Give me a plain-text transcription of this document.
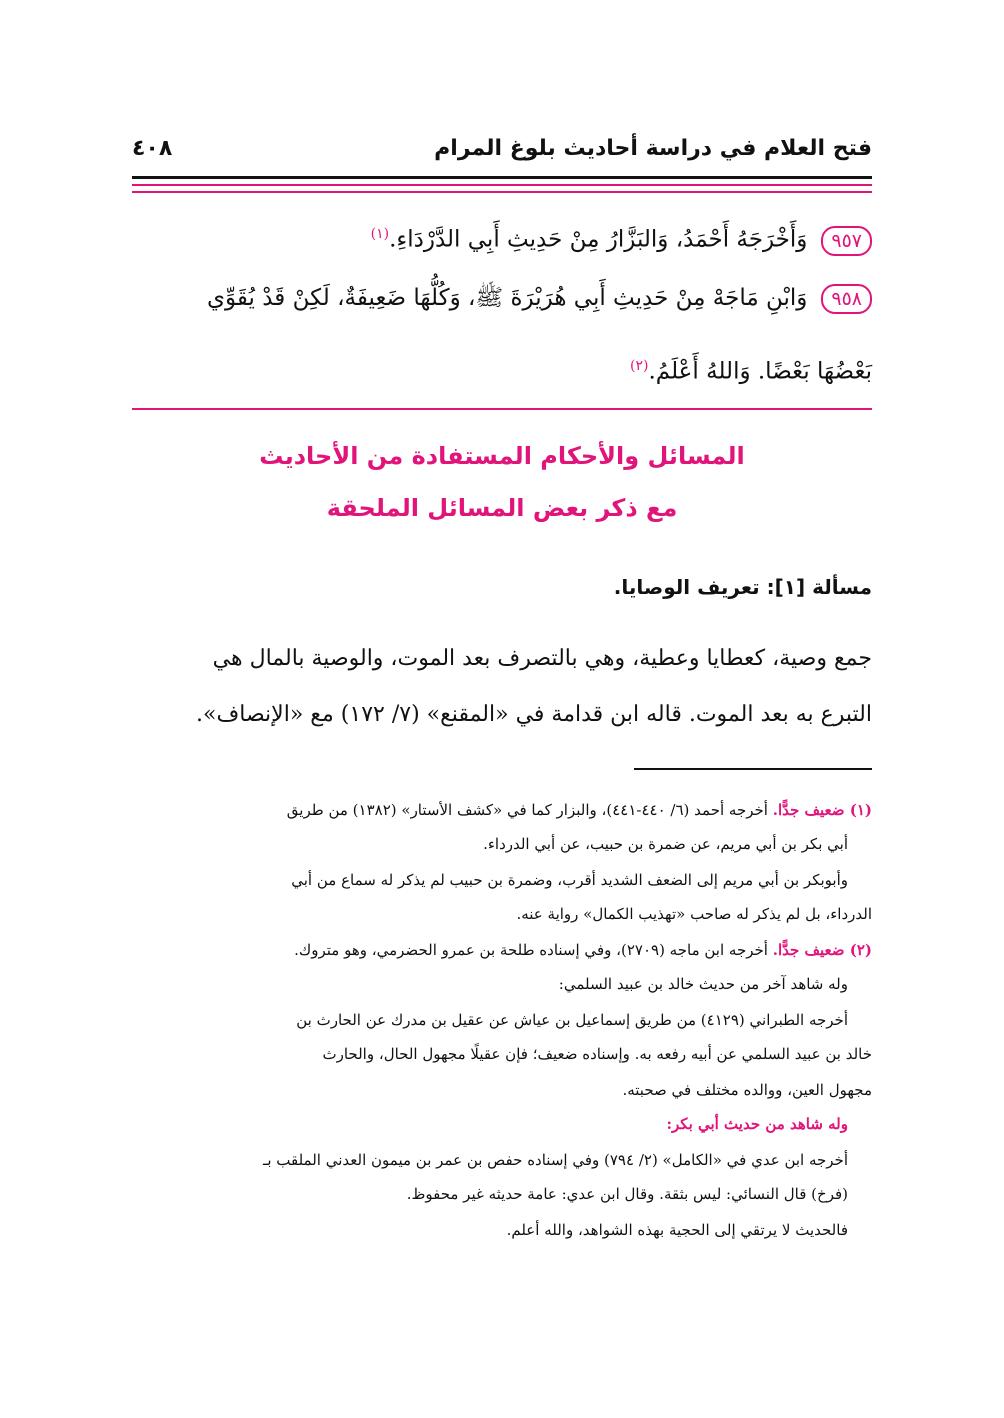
٤٠٨	فتح العلام في دراسة أحاديث بلوغ المرام
٩٥٧وَأَخْرَجَهُ أَحْمَدُ، وَالبَزَّارُ مِنْ حَدِيثِ أَبِي الدَّرْدَاءِ.$^{(١)}$
٩٥٨وَابْنِ مَاجَهْ مِنْ حَدِيثِ أَبِي هُرَيْرَةَ ﷺ، وَكُلُّهَا ضَعِيفَةٌ، لَكِنْ قَدْ يُقَوِّي
بَعْضُهَا بَعْضًا. وَاللهُ أَعْلَمُ.$^{(٢)}$
المسائل والأحكام المستفادة من الأحاديث
مع ذكر بعض المسائل الملحقة
مسألة [١]: تعريف الوصايا.
جمع وصية، كعطايا وعطية، وهي بالتصرف بعد الموت، والوصية بالمال هي
التبرع به بعد الموت. قاله ابن قدامة في «المقنع» (٧/ ١٧٢) مع «الإنصاف».
(١) ضعيف جدًّا. أخرجه أحمد (٦/ ٤٤٠-٤٤١)، والبزار كما في «كشف الأستار» (١٣٨٢) من طريق
أبي بكر بن أبي مريم، عن ضمرة بن حبيب، عن أبي الدرداء.
وأبوبكر بن أبي مريم إلى الضعف الشديد أقرب، وضمرة بن حبيب لم يذكر له سماع من أبي
الدرداء، بل لم يذكر له صاحب «تهذيب الكمال» رواية عنه.
(٢) ضعيف جدًّا. أخرجه ابن ماجه (٢٧٠٩)، وفي إسناده طلحة بن عمرو الحضرمي، وهو متروك.
وله شاهد آخر من حديث خالد بن عبيد السلمي:
أخرجه الطبراني (٤١٢٩) من طريق إسماعيل بن عياش عن عقيل بن مدرك عن الحارث بن
خالد بن عبيد السلمي عن أبيه رفعه به. وإسناده ضعيف؛ فإن عقيلًا مجهول الحال، والحارث
مجهول العين، ووالده مختلف في صحبته.
وله شاهد من حديث أبي بكر:
أخرجه ابن عدي في «الكامل» (٢/ ٧٩٤) وفي إسناده حفص بن عمر بن ميمون العدني الملقب بـ
(فرخ) قال النسائي: ليس بثقة. وقال ابن عدي: عامة حديثه غير محفوظ.
فالحديث لا يرتقي إلى الحجية بهذه الشواهد، والله أعلم.
